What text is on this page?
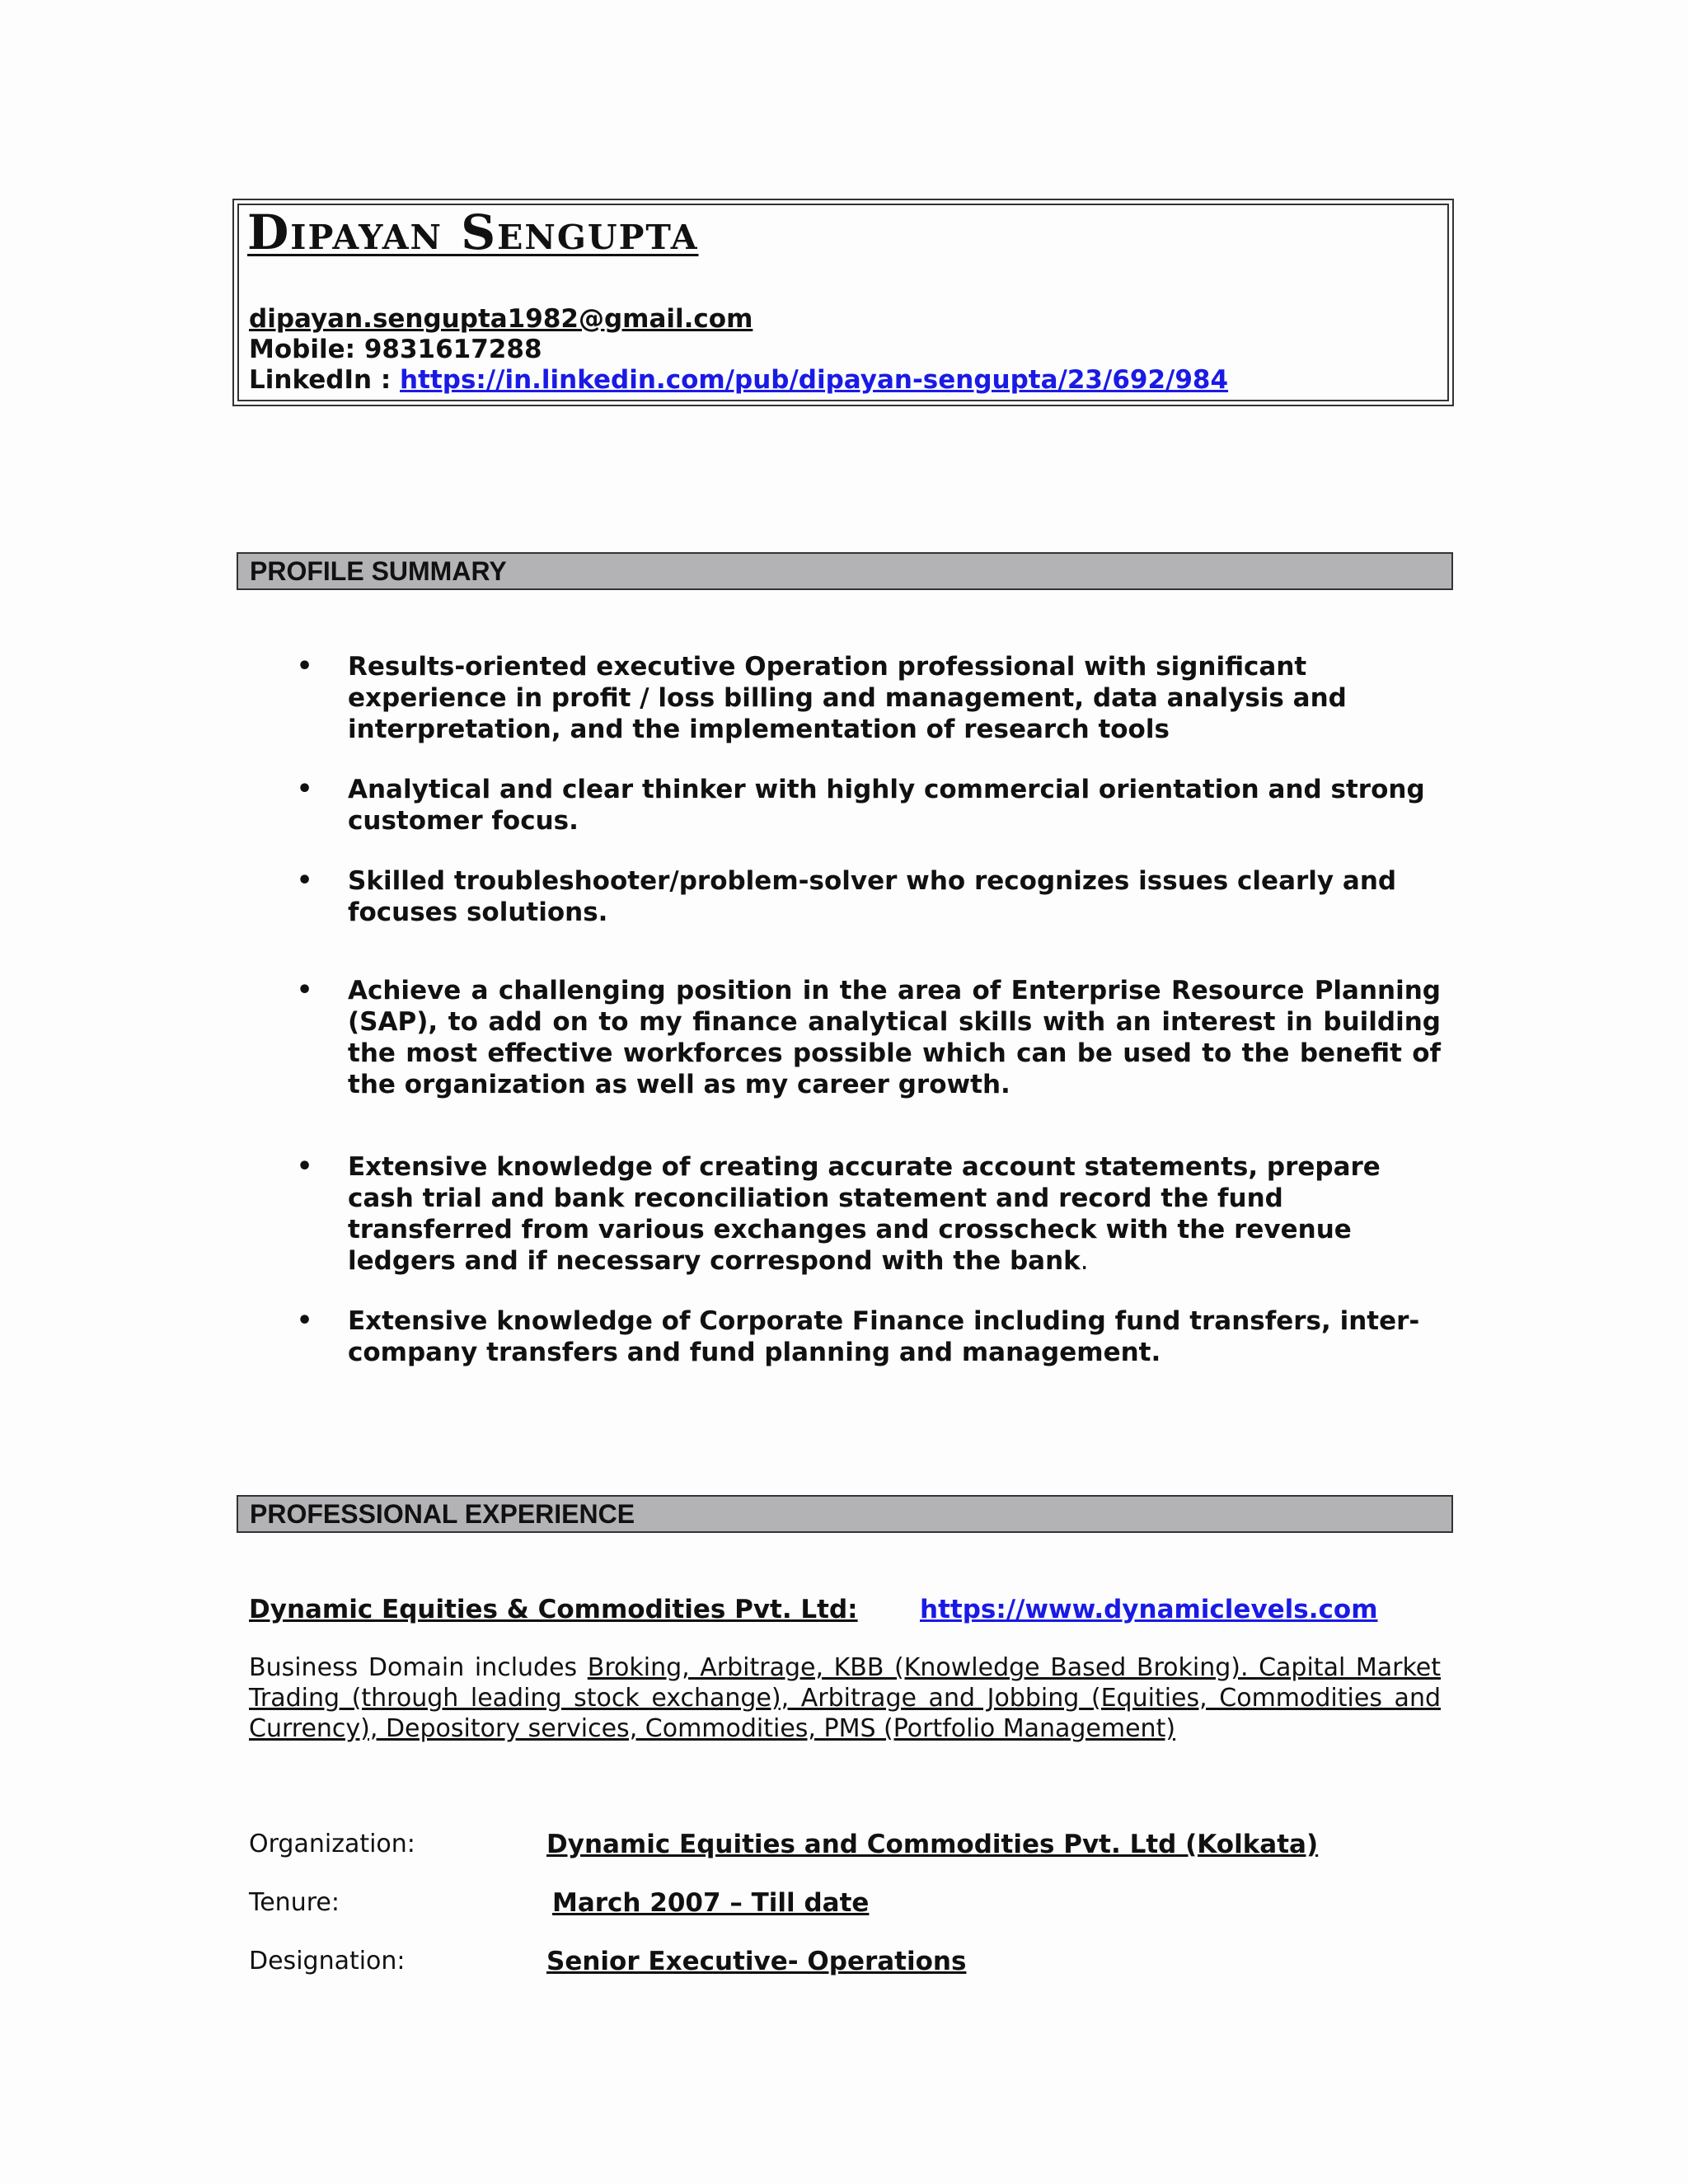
Dipayan Sengupta
dipayan.sengupta1982@gmail.com
Mobile: 9831617288
LinkedIn : https://in.linkedin.com/pub/dipayan-sengupta/23/692/984
PROFILE SUMMARY
• Results-oriented executive Operation professional with significant experience in profit / loss billing and management, data analysis and interpretation, and the implementation of research tools
• Analytical and clear thinker with highly commercial orientation and strong customer focus.
• Skilled troubleshooter/problem-solver who recognizes issues clearly and focuses solutions.
• Achieve a challenging position in the area of Enterprise Resource Planning (SAP), to add on to my finance analytical skills with an interest in building the most effective workforces possible which can be used to the benefit of the organization as well as my career growth.
• Extensive knowledge of creating accurate account statements, prepare cash trial and bank reconciliation statement and record the fund transferred from various exchanges and crosscheck with the revenue ledgers and if necessary correspond with the bank.
• Extensive knowledge of Corporate Finance including fund transfers, inter-company transfers and fund planning and management.
PROFESSIONAL EXPERIENCE
Dynamic Equities & Commodities Pvt. Ltd: https://www.dynamiclevels.com
Business Domain includes Broking, Arbitrage, KBB (Knowledge Based Broking). Capital Market Trading (through leading stock exchange), Arbitrage and Jobbing (Equities, Commodities and Currency), Depository services, Commodities, PMS (Portfolio Management)
Organization:	Dynamic Equities and Commodities Pvt. Ltd (Kolkata)
Tenure:	March 2007 – Till date
Designation:	Senior Executive- Operations
